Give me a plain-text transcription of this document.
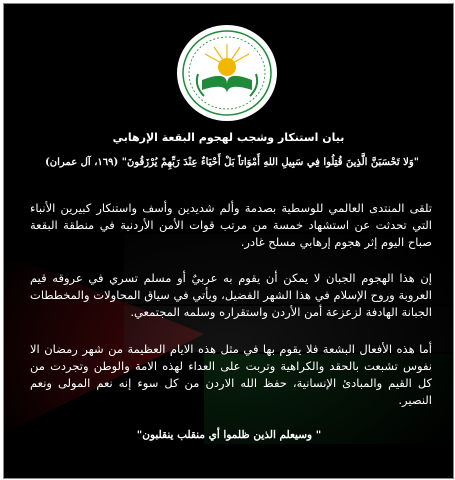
بيان استنكار وشجب لهجوم البقعة الإرهابي
"وَلا تَحْسَبَنَّ الَّذِينَ قُتِلُوا فِي سَبِيلِ اللهِ أَمْوَاتاً بَلْ أَحْيَاءٌ عِنْدَ رَبِّهِمْ يُرْزَقُونَ" (١٦٩، آل عمران)
تلقى المنتدى العالمي للوسطية بصدمة وألم شديدين وأسف واستنكار كبيرين الأنباء التي تحدثت عن استشهاد خمسة من مرتب قوات الأمن الأردنية في منطقة البقعة صباح اليوم إثر هجوم إرهابي مسلح غادر.
إن هذا الهجوم الجبان لا يمكن أن يقوم به عربيٌ أو مسلم تسري في عروقه قيم العروبة وروح الإسلام في هذا الشهر الفضيل، ويأتي في سياق المحاولات والمخططات الجبانة الهادفة لزعزعة أمن الأردن واستقراره وسلمه المجتمعي.
أما هذه الأفعال البشعة فلا يقوم بها في مثل هذه الايام العظيمة من شهر رمضان الا نفوس تشبعت بالحقد والكراهية وتربت على العداء لهذه الامة والوطن وتجردت من كل القيم والمبادئ الإنسانية، حفظ الله الاردن من كل سوء إنه نعم المولى ونعم النصير.
" وسيعلم الذين ظلموا أي منقلب ينقلبون"
